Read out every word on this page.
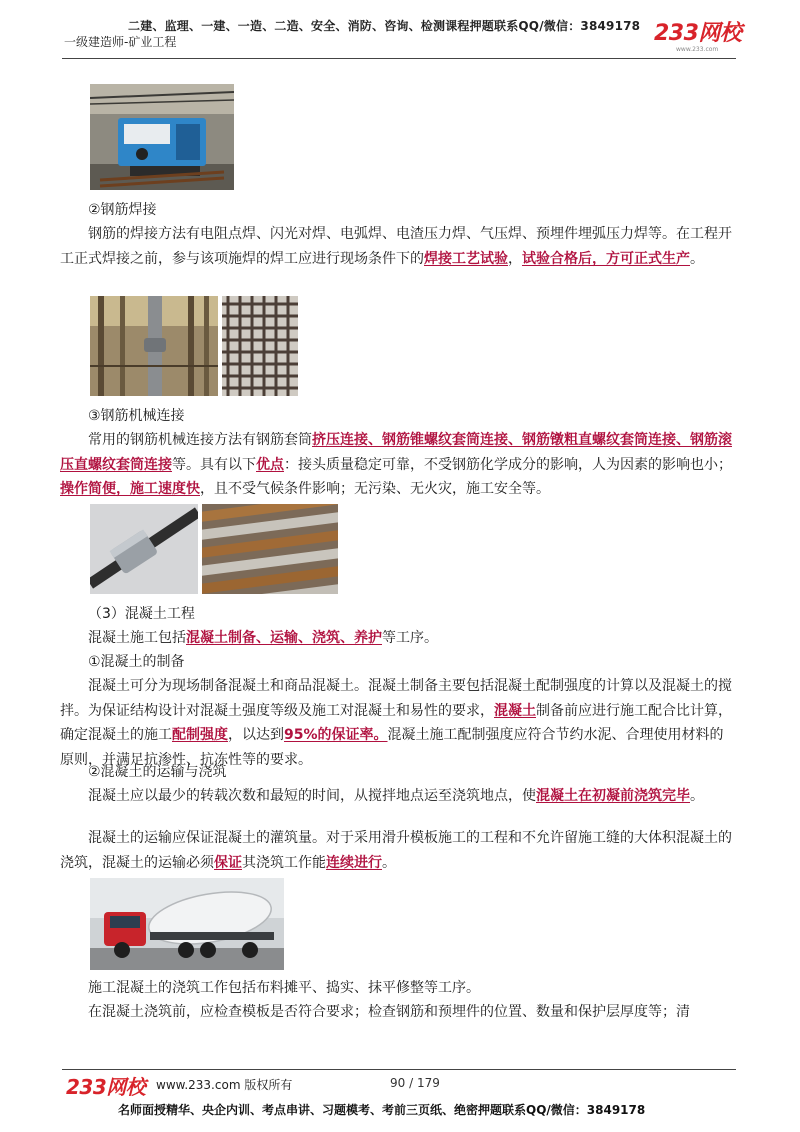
二建、监理、一建、一造、二造、安全、消防、咨询、检测课程押题联系QQ/微信：3849178
一级建造师-矿业工程	233网校
www.233.com
②钢筋焊接

钢筋的焊接方法有电阻点焊、闪光对焊、电弧焊、电渣压力焊、气压焊、预埋件埋弧压力焊等。在工程开工正式焊接之前，参与该项施焊的焊工应进行现场条件下的焊接工艺试验，试验合格后，方可正式生产。

③钢筋机械连接

常用的钢筋机械连接方法有钢筋套筒挤压连接、钢筋锥螺纹套筒连接、钢筋镦粗直螺纹套筒连接、钢筋滚压直螺纹套筒连接等。具有以下优点：接头质量稳定可靠，不受钢筋化学成分的影响，人为因素的影响也小；操作简便，施工速度快，且不受气候条件影响；无污染、无火灾，施工安全等。

（3）混凝土工程
混凝土施工包括混凝土制备、运输、浇筑、养护等工序。
①混凝土的制备

混凝土可分为现场制备混凝土和商品混凝土。混凝土制备主要包括混凝土配制强度的计算以及混凝土的搅拌。为保证结构设计对混凝土强度等级及施工对混凝土和易性的要求，混凝土制备前应进行施工配合比计算，确定混凝土的施工配制强度，以达到95%的保证率。混凝土施工配制强度应符合节约水泥、合理使用材料的原则，并满足抗渗性、抗冻性等的要求。

②混凝土的运输与浇筑

混凝土应以最少的转载次数和最短的时间，从搅拌地点运至浇筑地点，使混凝土在初凝前浇筑完毕。

混凝土的运输应保证混凝土的灌筑量。对于采用滑升模板施工的工程和不允许留施工缝的大体积混凝土的浇筑，混凝土的运输必须保证其浇筑工作能连续进行。

施工混凝土的浇筑工作包括布料摊平、捣实、抹平修整等工序。
在混凝土浇筑前，应检查模板是否符合要求；检查钢筋和预埋件的位置、数量和保护层厚度等；清
233网校 www.233.com 版权所有	90 / 179
名师面授精华、央企内训、考点串讲、习题模考、考前三页纸、绝密押题联系QQ/微信：3849178
